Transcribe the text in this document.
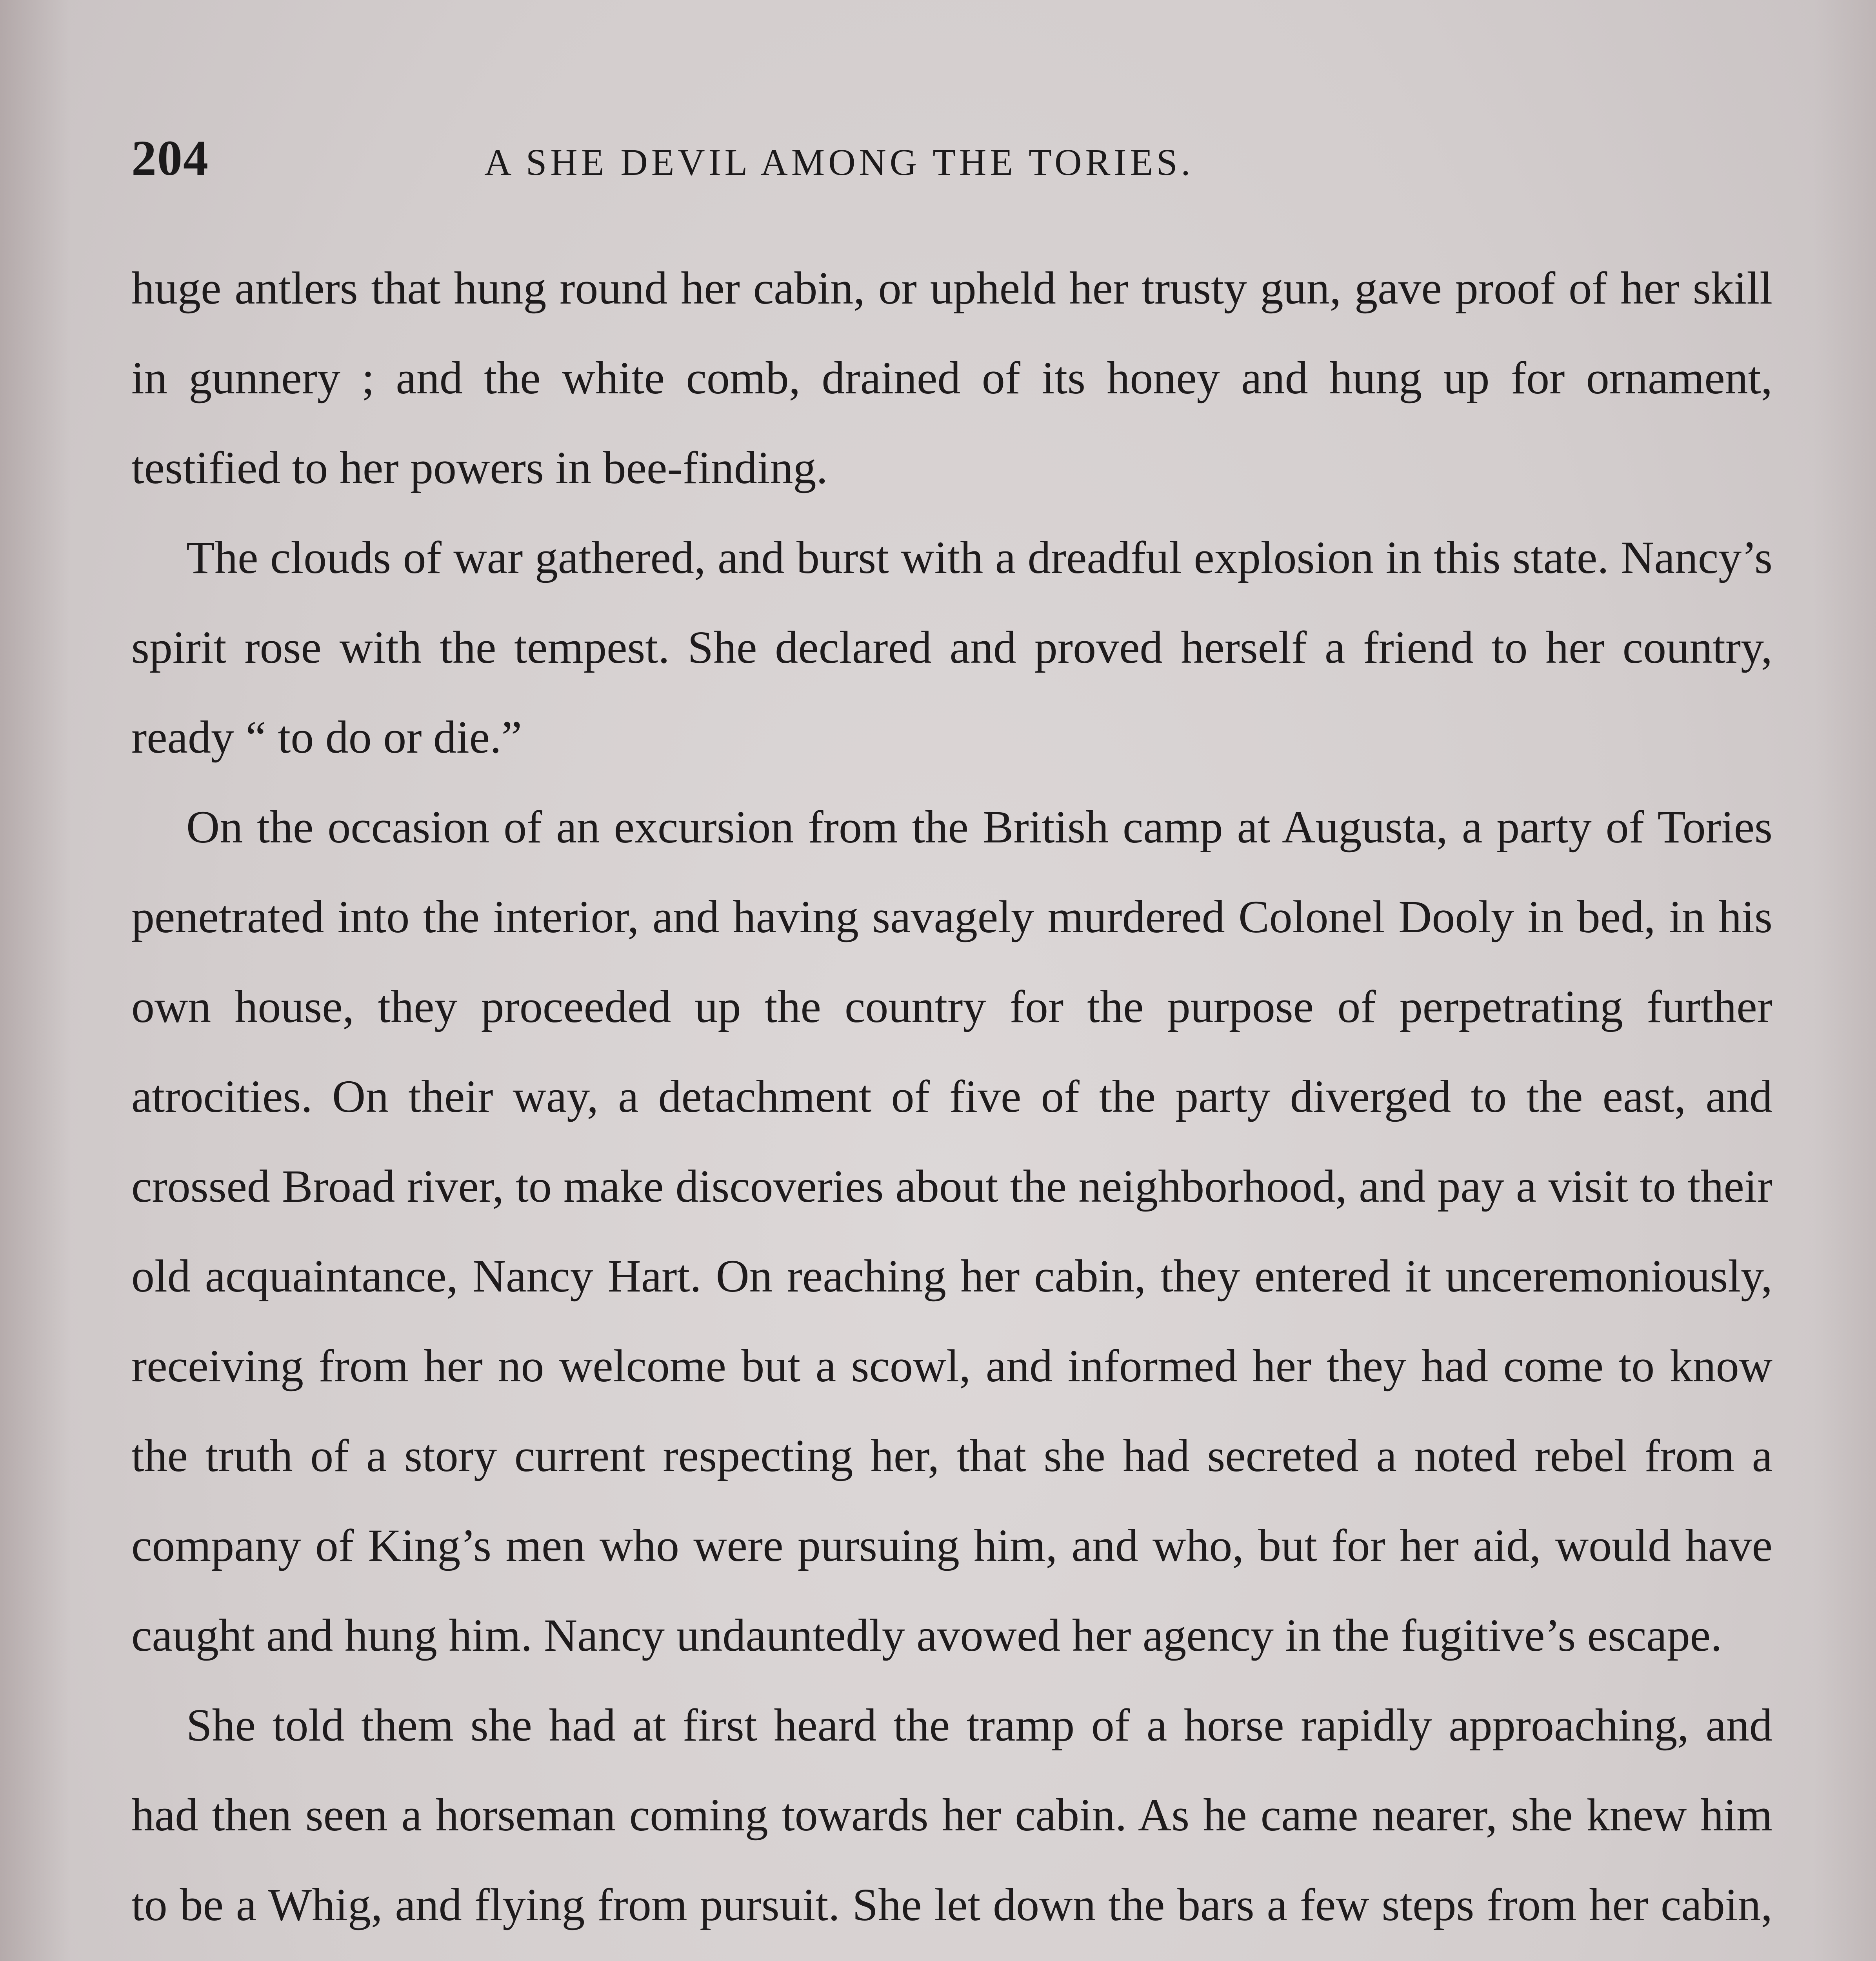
204	A SHE DEVIL AMONG THE TORIES.

huge antlers that hung round her cabin, or upheld her trusty gun, gave proof of her skill in gunnery ; and the white comb, drained of its honey and hung up for ornament, testified to her powers in bee-finding.

The clouds of war gathered, and burst with a dreadful explosion in this state. Nancy’s spirit rose with the tempest. She declared and proved herself a friend to her country, ready “ to do or die.”

On the occasion of an excursion from the British camp at Augusta, a party of Tories penetrated into the interior, and having savagely murdered Colonel Dooly in bed, in his own house, they proceeded up the country for the purpose of perpetrating further atrocities. On their way, a detachment of five of the party diverged to the east, and crossed Broad river, to make discoveries about the neighborhood, and pay a visit to their old acquaintance, Nancy Hart. On reaching her cabin, they entered it unceremoniously, receiving from her no welcome but a scowl, and informed her they had come to know the truth of a story current respecting her, that she had secreted a noted rebel from a company of King’s men who were pursuing him, and who, but for her aid, would have caught and hung him. Nancy undauntedly avowed her agency in the fugitive’s escape.

She told them she had at first heard the tramp of a horse rapidly approaching, and had then seen a horseman coming towards her cabin. As he came nearer, she knew him to be a Whig, and flying from pursuit. She let down the bars a few steps from her cabin,
